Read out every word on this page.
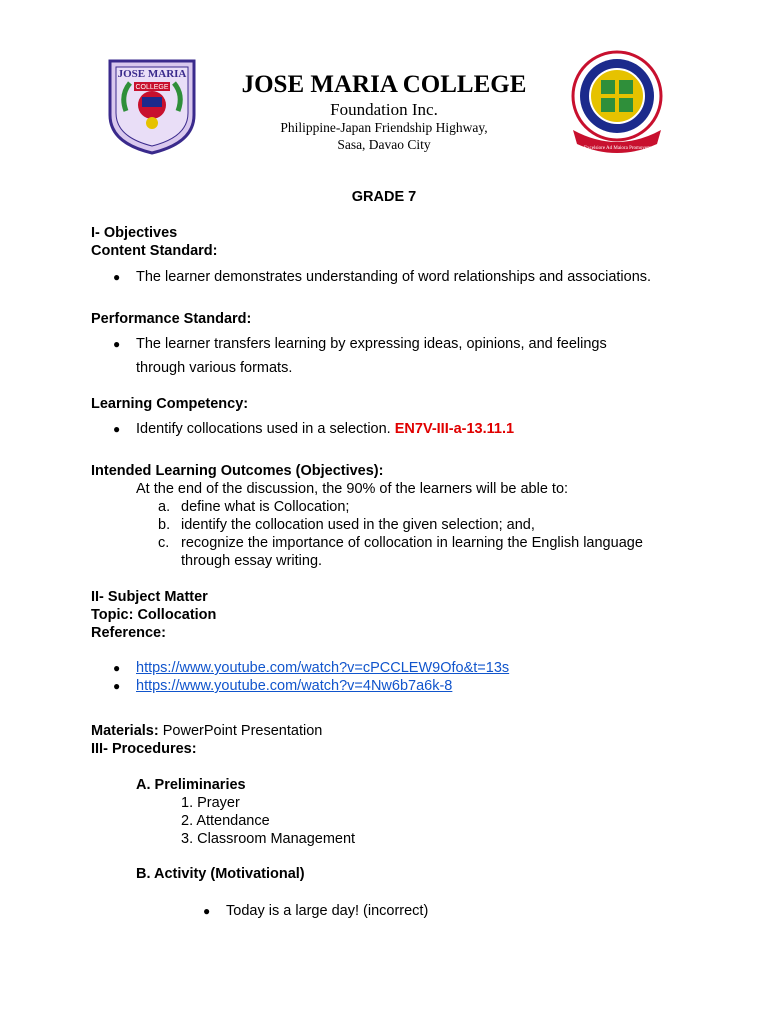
JOSE MARIA
COLLEGE
In Excelsiore Ad Maiora Promovemus
JOSE MARIA COLLEGE
Foundation Inc.
Philippine-Japan Friendship Highway,
Sasa, Davao City
GRADE 7
I- Objectives
Content Standard:
● The learner demonstrates understanding of word relationships and associations.
Performance Standard:
● The learner transfers learning by expressing ideas, opinions, and feelings
through various formats.
Learning Competency:
● Identify collocations used in a selection. EN7V-III-a-13.11.1
Intended Learning Outcomes (Objectives):
At the end of the discussion, the 90% of the learners will be able to:
a. define what is Collocation;
b. identify the collocation used in the given selection; and,
c. recognize the importance of collocation in learning the English language
through essay writing.
II- Subject Matter
Topic: Collocation
Reference:
● https://www.youtube.com/watch?v=cPCCLEW9Ofo&t=13s
● https://www.youtube.com/watch?v=4Nw6b7a6k-8
Materials: PowerPoint Presentation
III- Procedures:
A. Preliminaries
1. Prayer
2. Attendance
3. Classroom Management
B. Activity (Motivational)
● Today is a large day! (incorrect)
